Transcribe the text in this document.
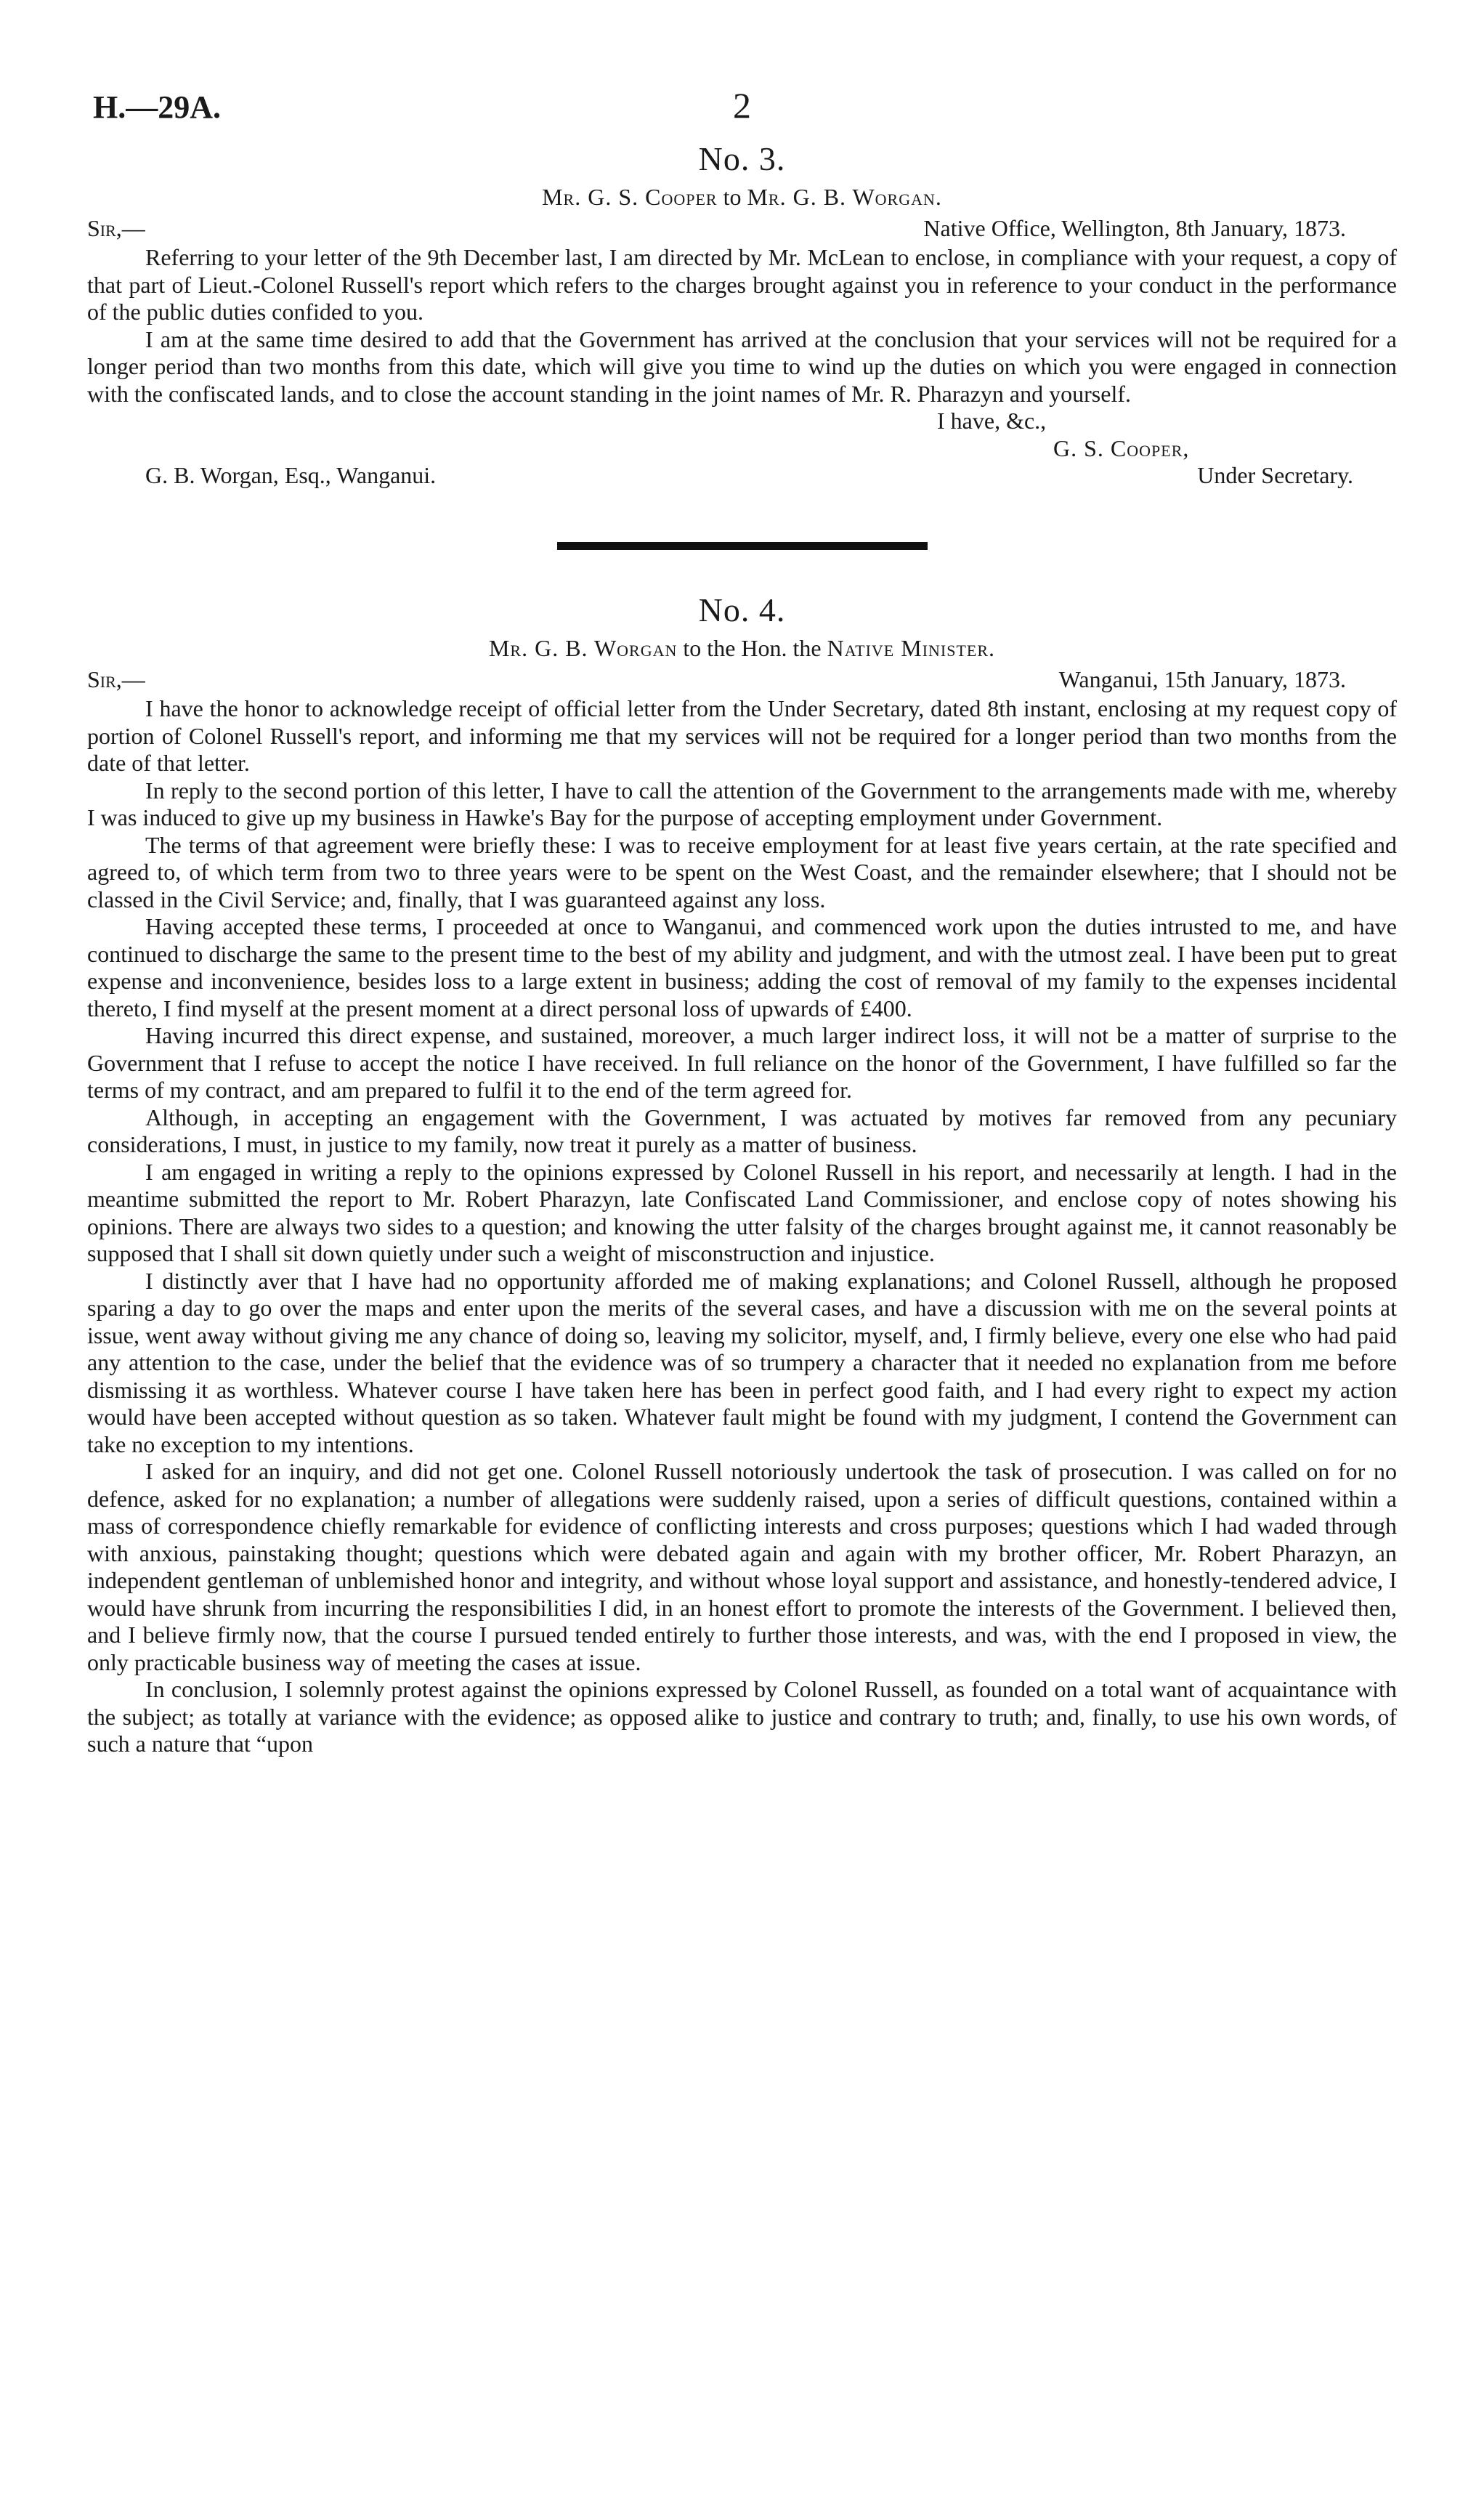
H.—29A.	2
No. 3.
Mr. G. S. Cooper to Mr. G. B. Worgan.
Sir,—	Native Office, Wellington, 8th January, 1873.

Referring to your letter of the 9th December last, I am directed by Mr. McLean to enclose, in compliance with your request, a copy of that part of Lieut.-Colonel Russell's report which refers to the charges brought against you in reference to your conduct in the performance of the public duties confided to you.

I am at the same time desired to add that the Government has arrived at the conclusion that your services will not be required for a longer period than two months from this date, which will give you time to wind up the duties on which you were engaged in connection with the confiscated lands, and to close the account standing in the joint names of Mr. R. Pharazyn and yourself.

I have, &c.,
G. S. Cooper,
G. B. Worgan, Esq., Wanganui.	Under Secretary.
No. 4.
Mr. G. B. Worgan to the Hon. the Native Minister.
Sir,—	Wanganui, 15th January, 1873.

I have the honor to acknowledge receipt of official letter from the Under Secretary, dated 8th instant, enclosing at my request copy of portion of Colonel Russell's report, and informing me that my services will not be required for a longer period than two months from the date of that letter.

In reply to the second portion of this letter, I have to call the attention of the Government to the arrangements made with me, whereby I was induced to give up my business in Hawke's Bay for the purpose of accepting employment under Government.

The terms of that agreement were briefly these: I was to receive employment for at least five years certain, at the rate specified and agreed to, of which term from two to three years were to be spent on the West Coast, and the remainder elsewhere; that I should not be classed in the Civil Service; and, finally, that I was guaranteed against any loss.

Having accepted these terms, I proceeded at once to Wanganui, and commenced work upon the duties intrusted to me, and have continued to discharge the same to the present time to the best of my ability and judgment, and with the utmost zeal. I have been put to great expense and inconvenience, besides loss to a large extent in business; adding the cost of removal of my family to the expenses incidental thereto, I find myself at the present moment at a direct personal loss of upwards of £400.

Having incurred this direct expense, and sustained, moreover, a much larger indirect loss, it will not be a matter of surprise to the Government that I refuse to accept the notice I have received. In full reliance on the honor of the Government, I have fulfilled so far the terms of my contract, and am prepared to fulfil it to the end of the term agreed for.

Although, in accepting an engagement with the Government, I was actuated by motives far removed from any pecuniary considerations, I must, in justice to my family, now treat it purely as a matter of business.

I am engaged in writing a reply to the opinions expressed by Colonel Russell in his report, and necessarily at length. I had in the meantime submitted the report to Mr. Robert Pharazyn, late Confiscated Land Commissioner, and enclose copy of notes showing his opinions. There are always two sides to a question; and knowing the utter falsity of the charges brought against me, it cannot reasonably be supposed that I shall sit down quietly under such a weight of misconstruction and injustice.

I distinctly aver that I have had no opportunity afforded me of making explanations; and Colonel Russell, although he proposed sparing a day to go over the maps and enter upon the merits of the several cases, and have a discussion with me on the several points at issue, went away without giving me any chance of doing so, leaving my solicitor, myself, and, I firmly believe, every one else who had paid any attention to the case, under the belief that the evidence was of so trumpery a character that it needed no explanation from me before dismissing it as worthless. Whatever course I have taken here has been in perfect good faith, and I had every right to expect my action would have been accepted without question as so taken. Whatever fault might be found with my judgment, I contend the Government can take no exception to my intentions.

I asked for an inquiry, and did not get one. Colonel Russell notoriously undertook the task of prosecution. I was called on for no defence, asked for no explanation; a number of allegations were suddenly raised, upon a series of difficult questions, contained within a mass of correspondence chiefly remarkable for evidence of conflicting interests and cross purposes; questions which I had waded through with anxious, painstaking thought; questions which were debated again and again with my brother officer, Mr. Robert Pharazyn, an independent gentleman of unblemished honor and integrity, and without whose loyal support and assistance, and honestly-tendered advice, I would have shrunk from incurring the responsibilities I did, in an honest effort to promote the interests of the Government. I believed then, and I believe firmly now, that the course I pursued tended entirely to further those interests, and was, with the end I proposed in view, the only practicable business way of meeting the cases at issue.

In conclusion, I solemnly protest against the opinions expressed by Colonel Russell, as founded on a total want of acquaintance with the subject; as totally at variance with the evidence; as opposed alike to justice and contrary to truth; and, finally, to use his own words, of such a nature that “upon
